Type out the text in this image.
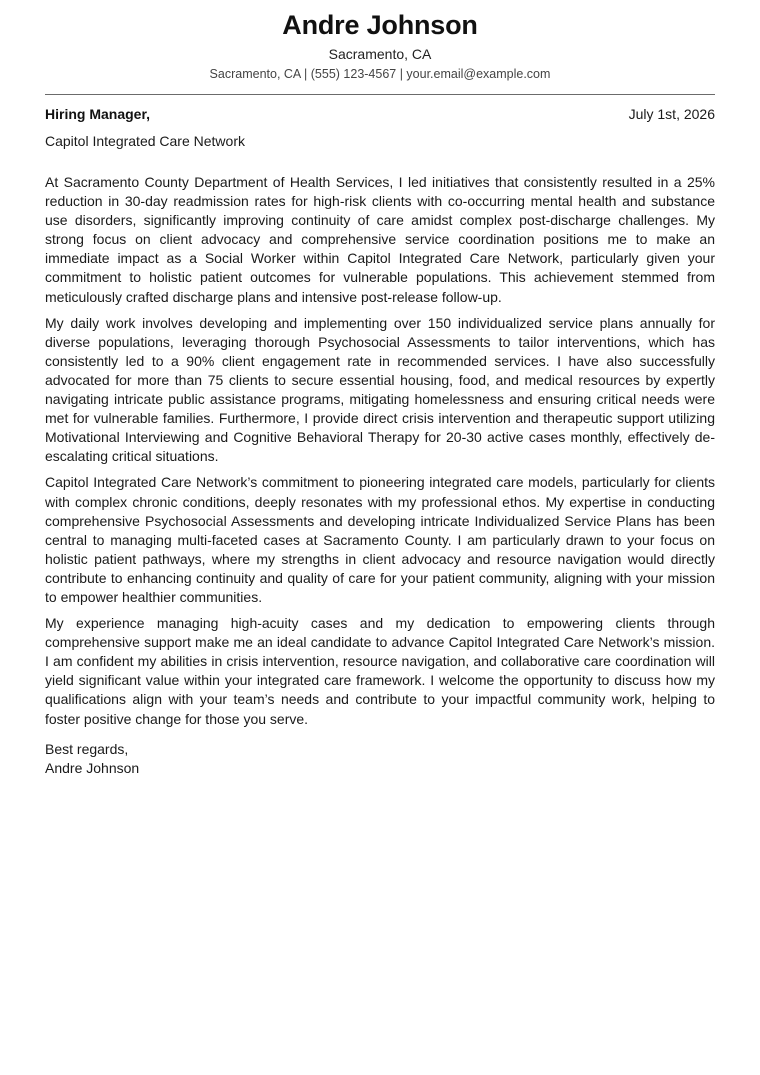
Andre Johnson
Sacramento, CA
Sacramento, CA | (555) 123-4567 | your.email@example.com
Hiring Manager,	July 1st, 2026
Capitol Integrated Care Network

At Sacramento County Department of Health Services, I led initiatives that consistently resulted in a 25% reduction in 30-day readmission rates for high-risk clients with co-occurring mental health and substance use disorders, significantly improving continuity of care amidst complex post-discharge challenges. My strong focus on client advocacy and comprehensive service coordination positions me to make an immediate impact as a Social Worker within Capitol Integrated Care Network, particularly given your commitment to holistic patient outcomes for vulnerable populations. This achievement stemmed from meticulously crafted discharge plans and intensive post-release follow-up.

My daily work involves developing and implementing over 150 individualized service plans annually for diverse populations, leveraging thorough Psychosocial Assessments to tailor interventions, which has consistently led to a 90% client engagement rate in recommended services. I have also successfully advocated for more than 75 clients to secure essential housing, food, and medical resources by expertly navigating intricate public assistance programs, mitigating homelessness and ensuring critical needs were met for vulnerable families. Furthermore, I provide direct crisis intervention and therapeutic support utilizing Motivational Interviewing and Cognitive Behavioral Therapy for 20-30 active cases monthly, effectively de-escalating critical situations.

Capitol Integrated Care Network’s commitment to pioneering integrated care models, particularly for clients with complex chronic conditions, deeply resonates with my professional ethos. My expertise in conducting comprehensive Psychosocial Assessments and developing intricate Individualized Service Plans has been central to managing multi-faceted cases at Sacramento County. I am particularly drawn to your focus on holistic patient pathways, where my strengths in client advocacy and resource navigation would directly contribute to enhancing continuity and quality of care for your patient community, aligning with your mission to empower healthier communities.

My experience managing high-acuity cases and my dedication to empowering clients through comprehensive support make me an ideal candidate to advance Capitol Integrated Care Network’s mission. I am confident my abilities in crisis intervention, resource navigation, and collaborative care coordination will yield significant value within your integrated care framework. I welcome the opportunity to discuss how my qualifications align with your team’s needs and contribute to your impactful community work, helping to foster positive change for those you serve.

Best regards,
Andre Johnson
